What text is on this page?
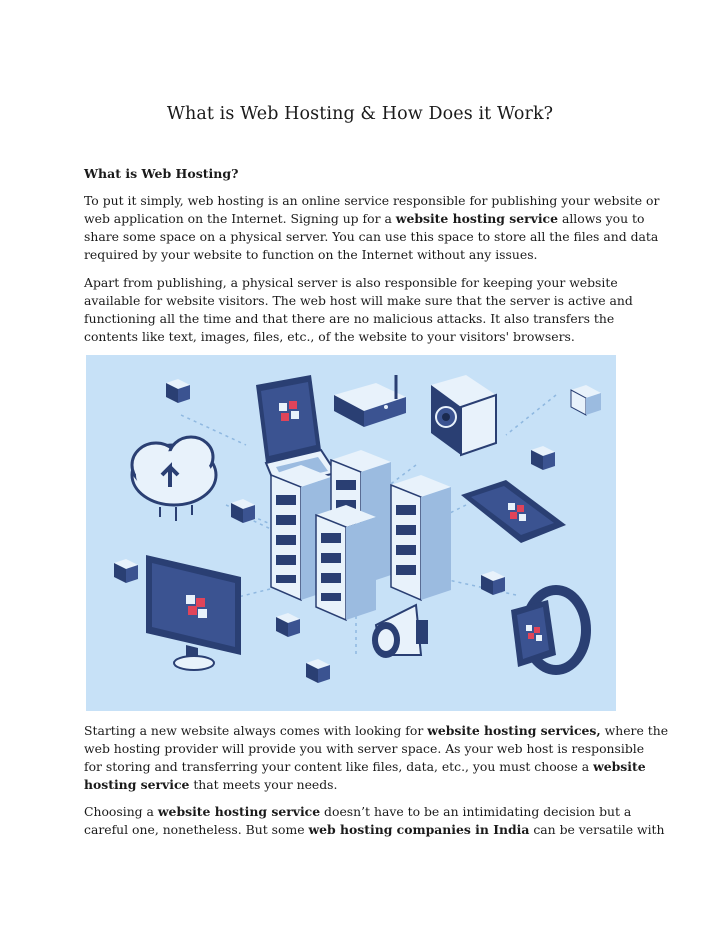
What is Web Hosting & How Does it Work?
What is Web Hosting?
To put it simply, web hosting is an online service responsible for publishing your website or
web application on the Internet. Signing up for a website hosting service allows you to
share some space on a physical server. You can use this space to store all the files and data
required by your website to function on the Internet without any issues.
Apart from publishing, a physical server is also responsible for keeping your website
available for website visitors. The web host will make sure that the server is active and
functioning all the time and that there are no malicious attacks. It also transfers the
contents like text, images, files, etc., of the website to your visitors' browsers.
Starting a new website always comes with looking for website hosting services, where the
web hosting provider will provide you with server space. As your web host is responsible
for storing and transferring your content like files, data, etc., you must choose a website
hosting service that meets your needs.
Choosing a website hosting service doesn’t have to be an intimidating decision but a
careful one, nonetheless. But some web hosting companies in India can be versatile with
